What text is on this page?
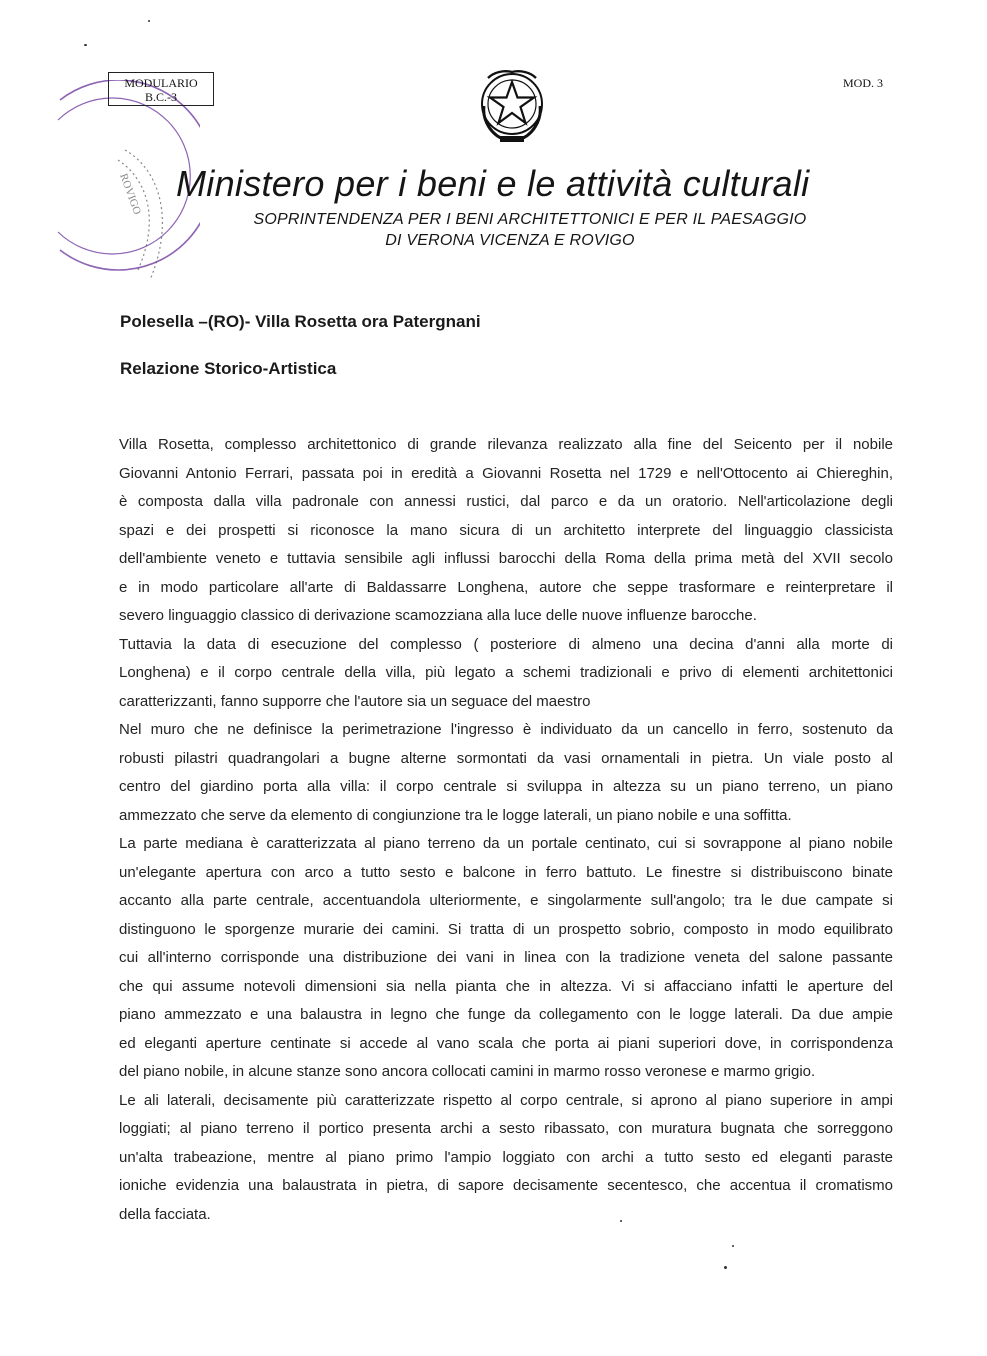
ROVIGO
MODULARIO
B.C.-3
MOD. 3
Ministero per i beni e le attività culturali
SOPRINTENDENZA PER I BENI ARCHITETTONICI E PER IL PAESAGGIO
DI VERONA VICENZA E ROVIGO
Polesella –(RO)- Villa Rosetta ora Patergnani
Relazione Storico-Artistica
Villa Rosetta, complesso architettonico di grande rilevanza realizzato alla fine del Seicento per il nobile
Giovanni Antonio Ferrari, passata poi in eredità a Giovanni Rosetta nel 1729 e nell'Ottocento ai Chiereghin,
è composta dalla villa padronale con annessi rustici, dal parco e da un oratorio. Nell'articolazione degli
spazi e dei prospetti si riconosce la mano sicura di un architetto interprete del linguaggio classicista
dell'ambiente veneto e tuttavia sensibile agli influssi barocchi della Roma della prima metà del XVII secolo
e in modo particolare all'arte di Baldassarre Longhena, autore che seppe trasformare e reinterpretare il
severo linguaggio classico di derivazione scamozziana alla luce delle nuove influenze barocche.
Tuttavia la data di esecuzione del complesso ( posteriore di almeno una decina d'anni alla morte di
Longhena) e il corpo centrale della villa, più legato a schemi tradizionali e privo di elementi architettonici
caratterizzanti, fanno supporre che l'autore sia un seguace del maestro
Nel muro che ne definisce la perimetrazione l'ingresso è individuato da un cancello in ferro, sostenuto da
robusti pilastri quadrangolari a bugne alterne sormontati da vasi ornamentali in pietra. Un viale posto al
centro del giardino porta alla villa: il corpo centrale si sviluppa in altezza su un piano terreno, un piano
ammezzato che serve da elemento di congiunzione tra le logge laterali, un piano nobile e una soffitta.
La parte mediana è caratterizzata al piano terreno da un portale centinato, cui si sovrappone al piano nobile
un'elegante apertura con arco a tutto sesto e balcone in ferro battuto. Le finestre si distribuiscono binate
accanto alla parte centrale, accentuandola ulteriormente, e singolarmente sull'angolo; tra le due campate si
distinguono le sporgenze murarie dei camini. Si tratta di un prospetto sobrio, composto in modo equilibrato
cui all'interno corrisponde una distribuzione dei vani in linea con la tradizione veneta del salone passante
che qui assume notevoli dimensioni sia nella pianta che in altezza. Vi si affacciano infatti le aperture del
piano ammezzato e una balaustra in legno che funge da collegamento con le logge laterali. Da due ampie
ed eleganti aperture centinate si accede al vano scala che porta ai piani superiori dove, in corrispondenza
del piano nobile, in alcune stanze sono ancora collocati camini in marmo rosso veronese e marmo grigio.
Le ali laterali, decisamente più caratterizzate rispetto al corpo centrale, si aprono al piano superiore in ampi
loggiati; al piano terreno il portico presenta archi a sesto ribassato, con muratura bugnata che sorreggono
un'alta trabeazione, mentre al piano primo l'ampio loggiato con archi a tutto sesto ed eleganti paraste
ioniche evidenzia una balaustrata in pietra, di sapore decisamente secentesco, che accentua il cromatismo
della facciata.
